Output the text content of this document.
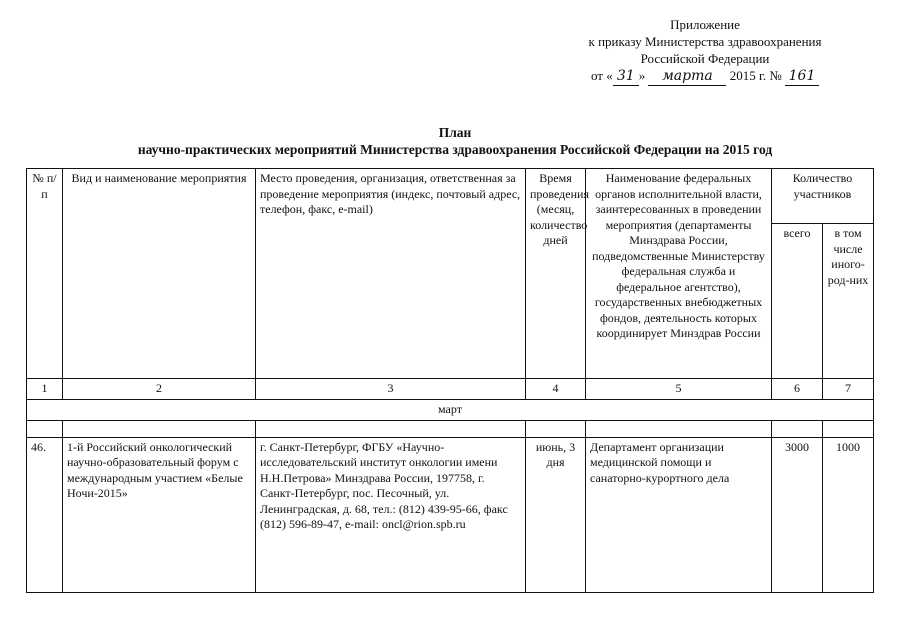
Приложение
к приказу Министерства здравоохранения
Российской Федерации
от « 31 » марта 2015 г. № 161
План
научно-практических мероприятий Министерства здравоохранения Российской Федерации на 2015 год
№ п/п	Вид и наименование мероприятия	Место проведения, организация, ответственная за проведение мероприятия (индекс, почтовый адрес, телефон, факс, e-mail)	Время проведения (месяц, количество дней	Наименование федеральных органов исполнительной власти, заинтересованных в проведении мероприятия (департаменты Минздрава России, подведомственные Министерству федеральная служба и федеральное агентство), государственных внебюджетных фондов, деятельность которых координирует Минздрав России	Количество участников	
					всего	в том числе иного-род-них
1	2	3	4	5	6	7
март						

46.	1-й Российский онкологический научно-образовательный форум с международным участием «Белые Ночи-2015»	г. Санкт-Петербург, ФГБУ «Научно-исследовательский институт онкологии имени Н.Н.Петрова» Минздрава России, 197758, г. Санкт-Петербург, пос. Песочный, ул. Ленинградская, д. 68, тел.: (812) 439-95-66, факс (812) 596-89-47, e-mail: oncl@rion.spb.ru	июнь, 3 дня	Департамент организации медицинской помощи и санаторно-курортного дела	3000	1000
